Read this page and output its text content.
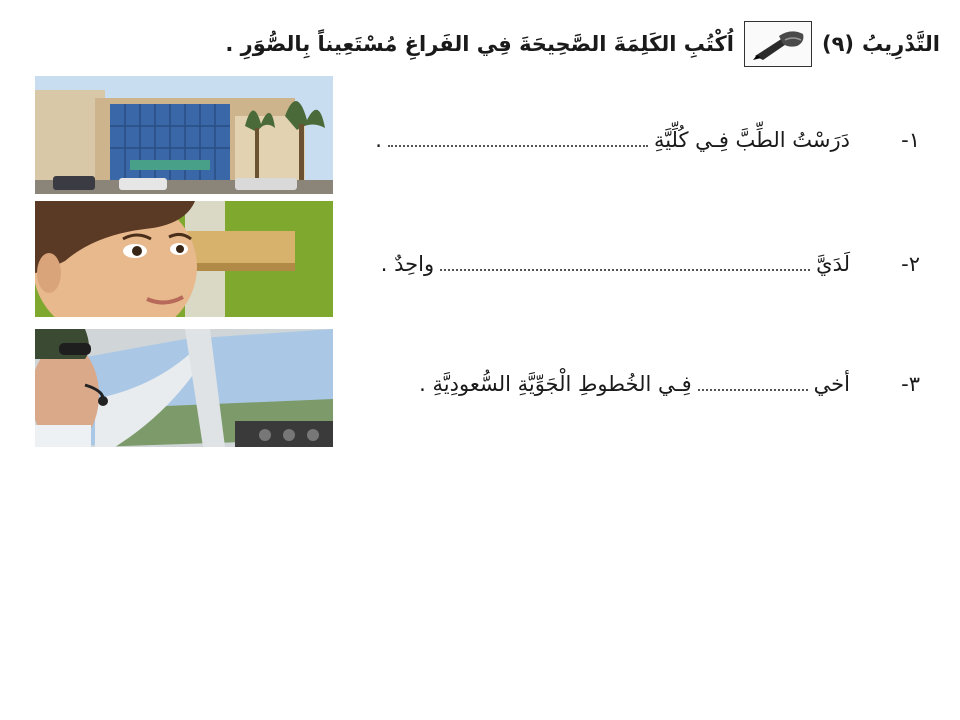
التَّدْرِيبُ
(٩)
اُكْتُبِ الكَلِمَةَ الصَّحِيحَةَ فِي الفَراغِ مُسْتَعِيناً بِالصُّوَرِ .
١-
دَرَسْتُ الطِّبَّ فِـي كُلِّيَّةِ
.
٢-
لَدَيَّ
واحِدٌ .
٣-
أخي
فِـي الخُطوطِ الْجَوِّيَّةِ السُّعودِيَّةِ .
